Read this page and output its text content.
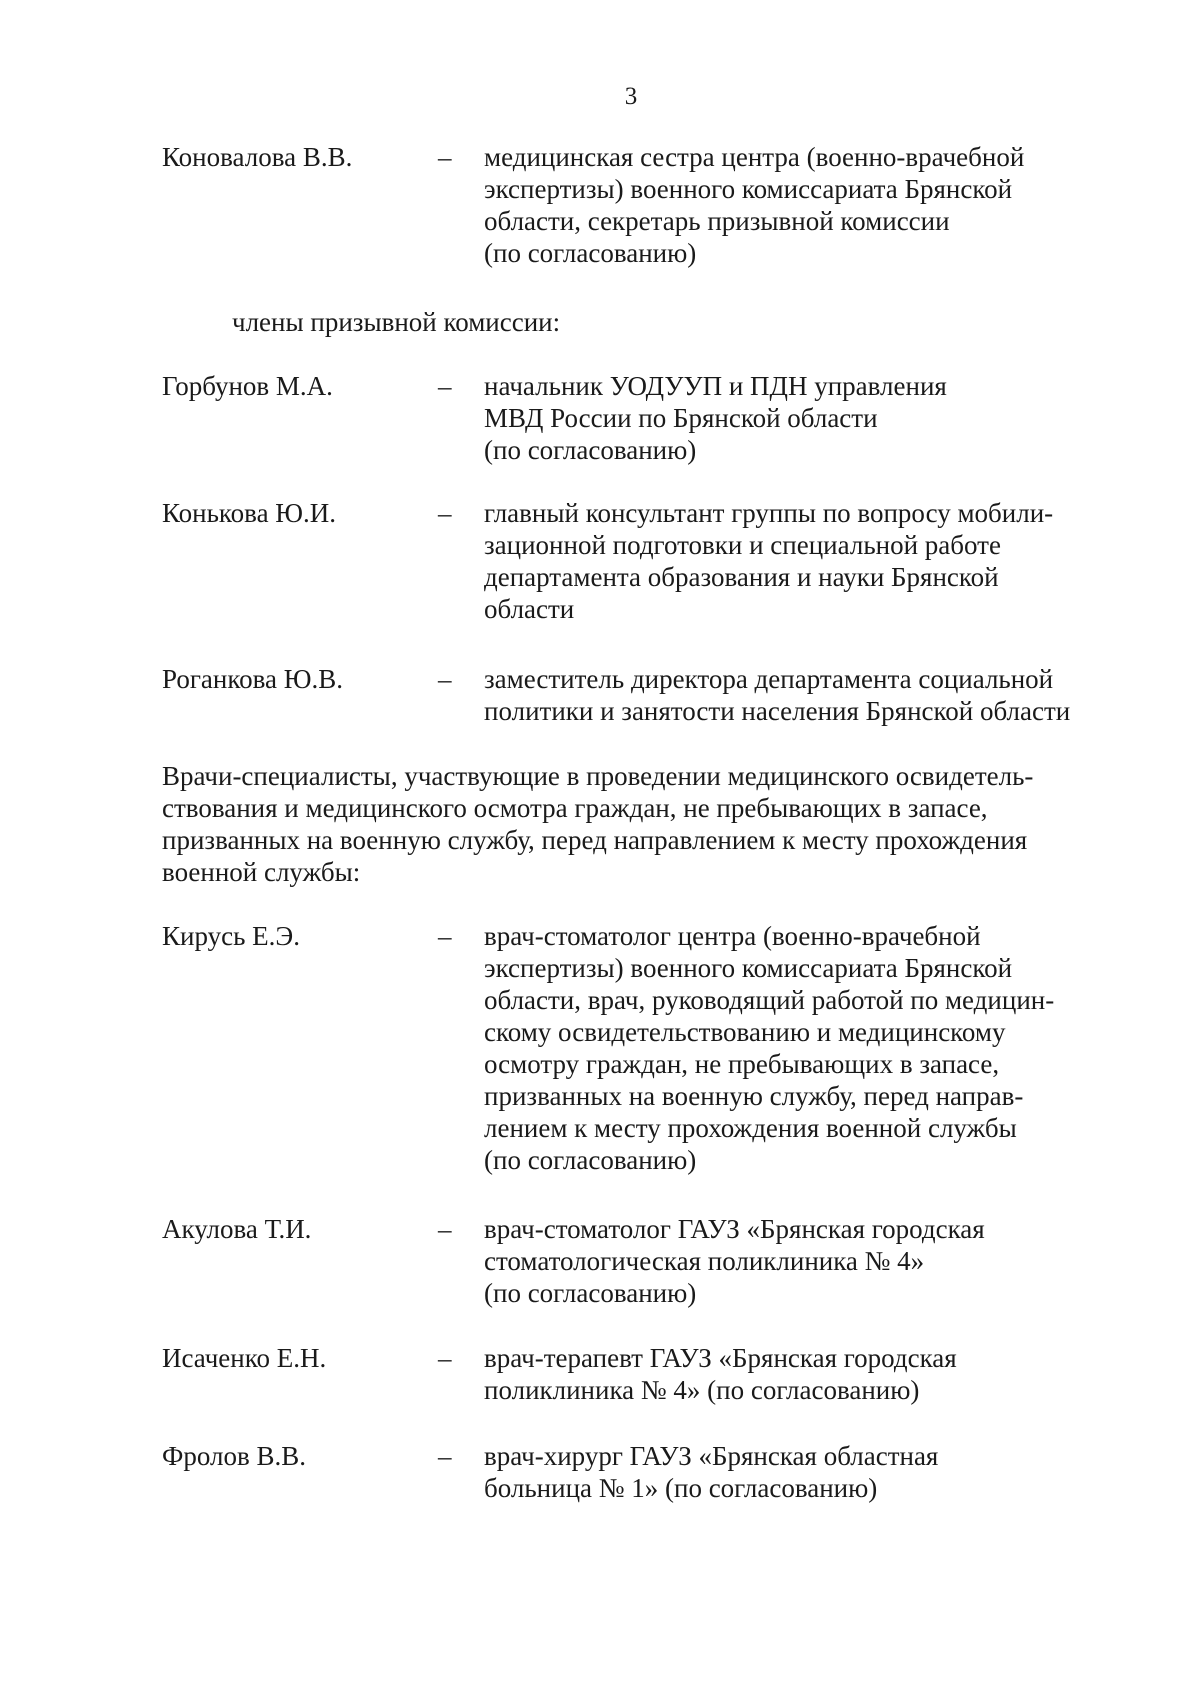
3
Коновалова В.В.	– медицинская сестра центра (военно-врачебной
экспертизы) военного комиссариата Брянской
области, секретарь призывной комиссии
(по согласованию)
члены призывной комиссии:
Горбунов М.А.	– начальник УОДУУП и ПДН управления
МВД России по Брянской области
(по согласованию)
Конькова Ю.И.	– главный консультант группы по вопросу мобили-
зационной подготовки и специальной работе
департамента образования и науки Брянской
области
Роганкова Ю.В.	– заместитель директора департамента социальной
политики и занятости населения Брянской области
Врачи-специалисты, участвующие в проведении медицинского освидетель-
ствования и медицинского осмотра граждан, не пребывающих в запасе,
призванных на военную службу, перед направлением к месту прохождения
военной службы:
Кирусь Е.Э.	– врач-стоматолог центра (военно-врачебной
экспертизы) военного комиссариата Брянской
области, врач, руководящий работой по медицин-
скому освидетельствованию и медицинскому
осмотру граждан, не пребывающих в запасе,
призванных на военную службу, перед направ-
лением к месту прохождения военной службы
(по согласованию)
Акулова Т.И.	– врач-стоматолог ГАУЗ «Брянская городская
стоматологическая поликлиника № 4»
(по согласованию)
Исаченко Е.Н.	– врач-терапевт ГАУЗ «Брянская городская
поликлиника № 4» (по согласованию)
Фролов В.В.	– врач-хирург ГАУЗ «Брянская областная
больница № 1» (по согласованию)
